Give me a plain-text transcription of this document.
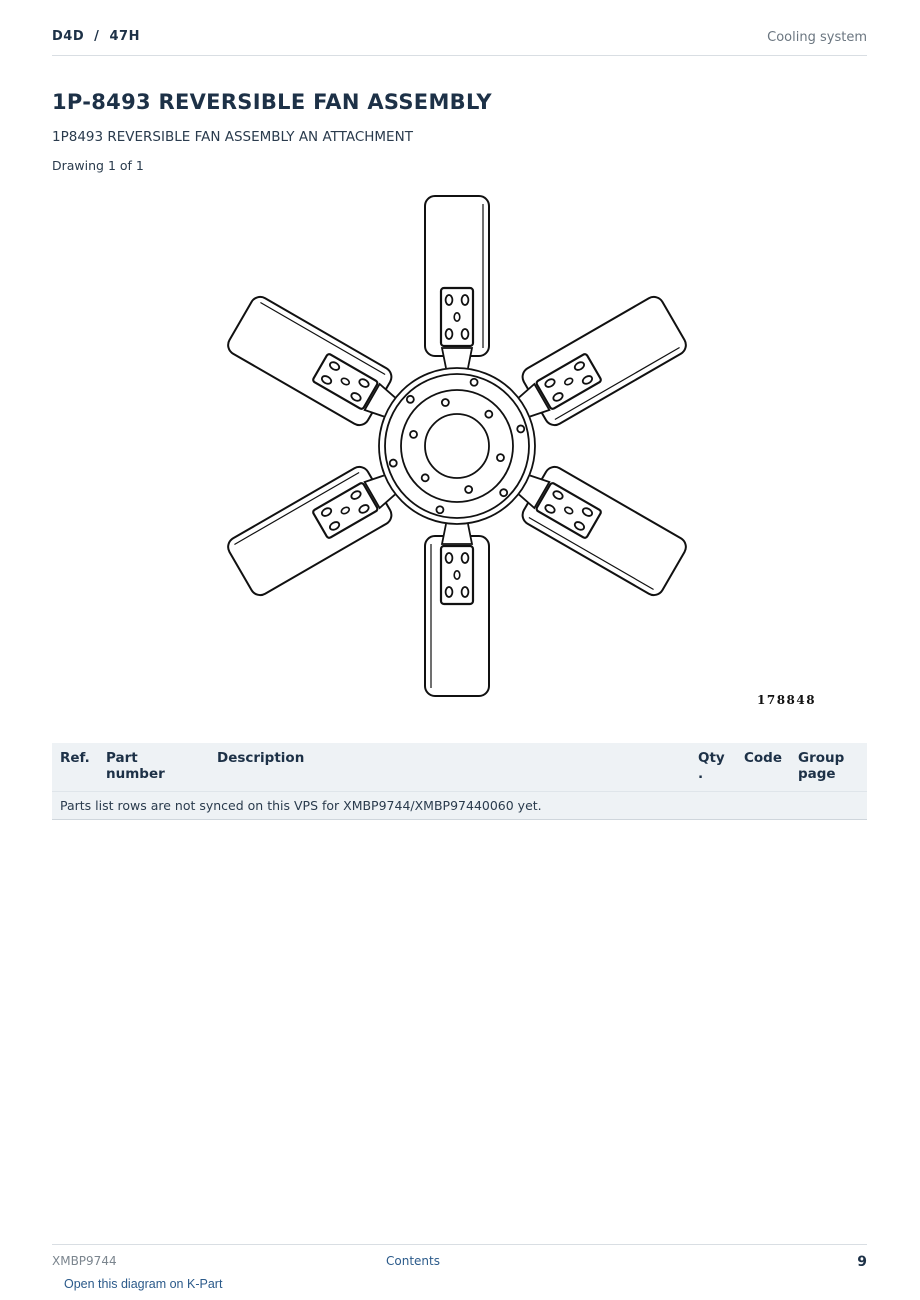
D4D  /  47H	Cooling system
1P-8493 REVERSIBLE FAN ASSEMBLY
1P8493 REVERSIBLE FAN ASSEMBLY AN ATTACHMENT
Drawing 1 of 1
178848
Ref.	Part number	Description	Qty .	Code	Group page
Parts list rows are not synced on this VPS for XMBP9744/XMBP97440060 yet.
XMBP9744	Contents	9
Open this diagram on K-Part
